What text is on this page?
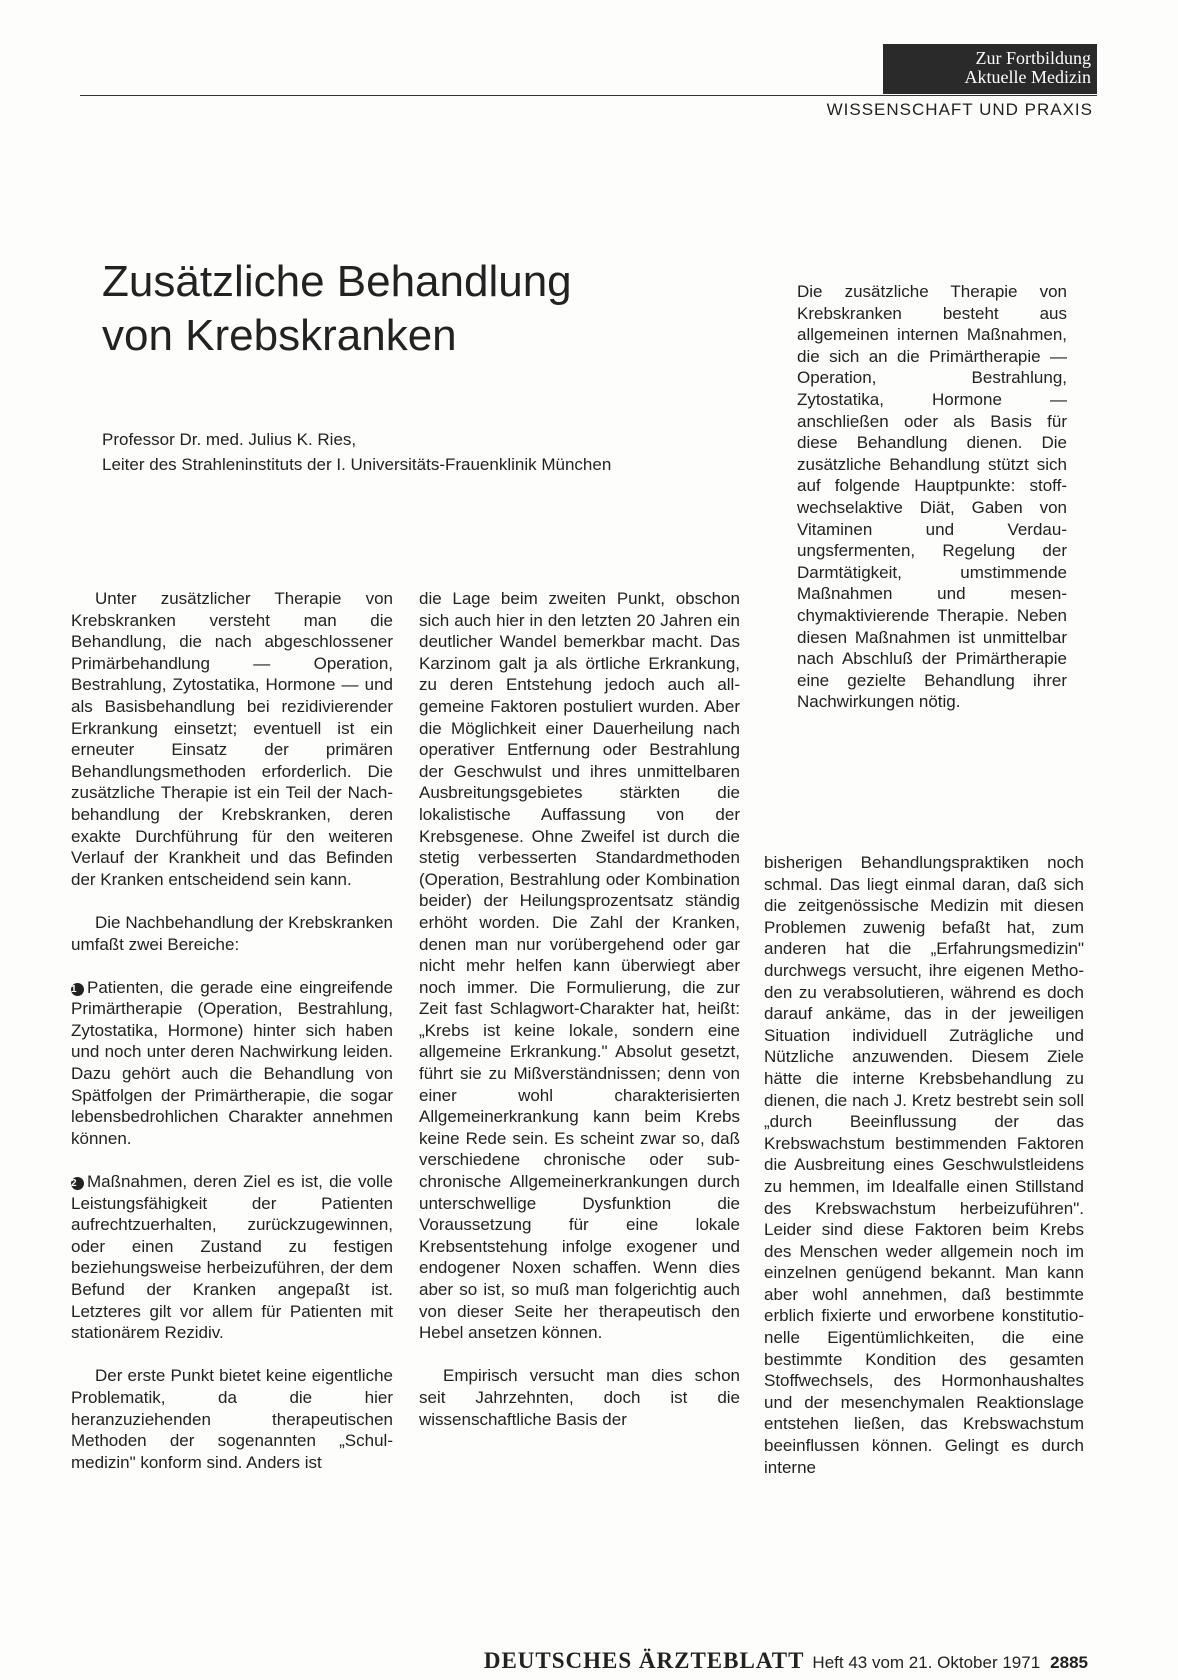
Zur Fortbildung
Aktuelle Medizin
WISSENSCHAFT UND PRAXIS
Zusätzliche Behandlung
von Krebskranken
Professor Dr. med. Julius K. Ries,
Leiter des Strahleninstituts der I. Universitäts-Frauenklinik München

Die zusätzliche Therapie von Krebskranken besteht aus allgemeinen internen Maßnahmen, die sich an die Primärtherapie — Operation, Bestrahlung, Zytostatika, Hormone — anschließen oder als Basis für diese Behandlung dienen. Die zusätzliche Behandlung stützt sich auf folgende Hauptpunkte: stoffwechselaktive Diät, Gaben von Vitaminen und Verdauungsfermenten, Regelung der Darmtätigkeit, umstimmende Maßnahmen und mesenchymaktivierende Therapie. Neben diesen Maßnahmen ist unmittelbar nach Abschluß der Primärtherapie eine gezielte Behandlung ihrer Nachwirkungen nötig.

Unter zusätzlicher Therapie von Krebskranken versteht man die Behandlung, die nach abgeschlossener Primärbehandlung — Operation, Bestrahlung, Zytostatika, Hormone — und als Basisbehandlung bei rezidivierender Erkrankung einsetzt; eventuell ist ein erneuter Einsatz der primären Behandlungsmethoden erforderlich. Die zusätzliche Therapie ist ein Teil der Nachbehandlung der Krebskranken, deren exakte Durchführung für den weiteren Verlauf der Krankheit und das Befinden der Kranken entscheidend sein kann.

Die Nachbehandlung der Krebskranken umfaßt zwei Bereiche:

1 Patienten, die gerade eine eingreifende Primärtherapie (Operation, Bestrahlung, Zytostatika, Hormone) hinter sich haben und noch unter deren Nachwirkung leiden. Dazu gehört auch die Behandlung von Spätfolgen der Primärtherapie, die sogar lebensbedrohlichen Charakter annehmen können.

2 Maßnahmen, deren Ziel es ist, die volle Leistungsfähigkeit der Patienten aufrechtzuerhalten, zurückzugewinnen, oder einen Zustand zu festigen beziehungsweise herbeizuführen, der dem Befund der Kranken angepaßt ist. Letzteres gilt vor allem für Patienten mit stationärem Rezidiv.

Der erste Punkt bietet keine eigentliche Problematik, da die hier heranzuziehenden therapeutischen Methoden der sogenannten „Schulmedizin" konform sind. Anders ist

die Lage beim zweiten Punkt, obschon sich auch hier in den letzten 20 Jahren ein deutlicher Wandel bemerkbar macht. Das Karzinom galt ja als örtliche Erkrankung, zu deren Entstehung jedoch auch allgemeine Faktoren postuliert wurden. Aber die Möglichkeit einer Dauerheilung nach operativer Entfernung oder Bestrahlung der Geschwulst und ihres unmittelbaren Ausbreitungsgebietes stärkten die lokalistische Auffassung von der Krebsgenese. Ohne Zweifel ist durch die stetig verbesserten Standardmethoden (Operation, Bestrahlung oder Kombination beider) der Heilungsprozentsatz ständig erhöht worden. Die Zahl der Kranken, denen man nur vorübergehend oder gar nicht mehr helfen kann überwiegt aber noch immer. Die Formulierung, die zur Zeit fast Schlagwort-Charakter hat, heißt: „Krebs ist keine lokale, sondern eine allgemeine Erkrankung." Absolut gesetzt, führt sie zu Mißverständnissen; denn von einer wohl charakterisierten Allgemeinerkrankung kann beim Krebs keine Rede sein. Es scheint zwar so, daß verschiedene chronische oder subchronische Allgemeinerkrankungen durch unterschwellige Dysfunktion die Voraussetzung für eine lokale Krebsentstehung infolge exogener und endogener Noxen schaffen. Wenn dies aber so ist, so muß man folgerichtig auch von dieser Seite her therapeutisch den Hebel ansetzen können.

Empirisch versucht man dies schon seit Jahrzehnten, doch ist die wissenschaftliche Basis der

bisherigen Behandlungspraktiken noch schmal. Das liegt einmal daran, daß sich die zeitgenössische Medizin mit diesen Problemen zuwenig befaßt hat, zum anderen hat die „Erfahrungsmedizin" durchwegs versucht, ihre eigenen Methoden zu verabsolutieren, während es doch darauf ankäme, das in der jeweiligen Situation individuell Zuträgliche und Nützliche anzuwenden. Diesem Ziele hätte die interne Krebsbehandlung zu dienen, die nach J. Kretz bestrebt sein soll „durch Beeinflussung der das Krebswachstum bestimmenden Faktoren die Ausbreitung eines Geschwulstleidens zu hemmen, im Idealfalle einen Stillstand des Krebswachstum herbeizuführen". Leider sind diese Faktoren beim Krebs des Menschen weder allgemein noch im einzelnen genügend bekannt. Man kann aber wohl annehmen, daß bestimmte erblich fixierte und erworbene konstitutionelle Eigentümlichkeiten, die eine bestimmte Kondition des gesamten Stoffwechsels, des Hormonhaushaltes und der mesenchymalen Reaktionslage entstehen ließen, das Krebswachstum beeinflussen können. Gelingt es durch interne

DEUTSCHES ÄRZTEBLATT Heft 43 vom 21. Oktober 1971 2885
